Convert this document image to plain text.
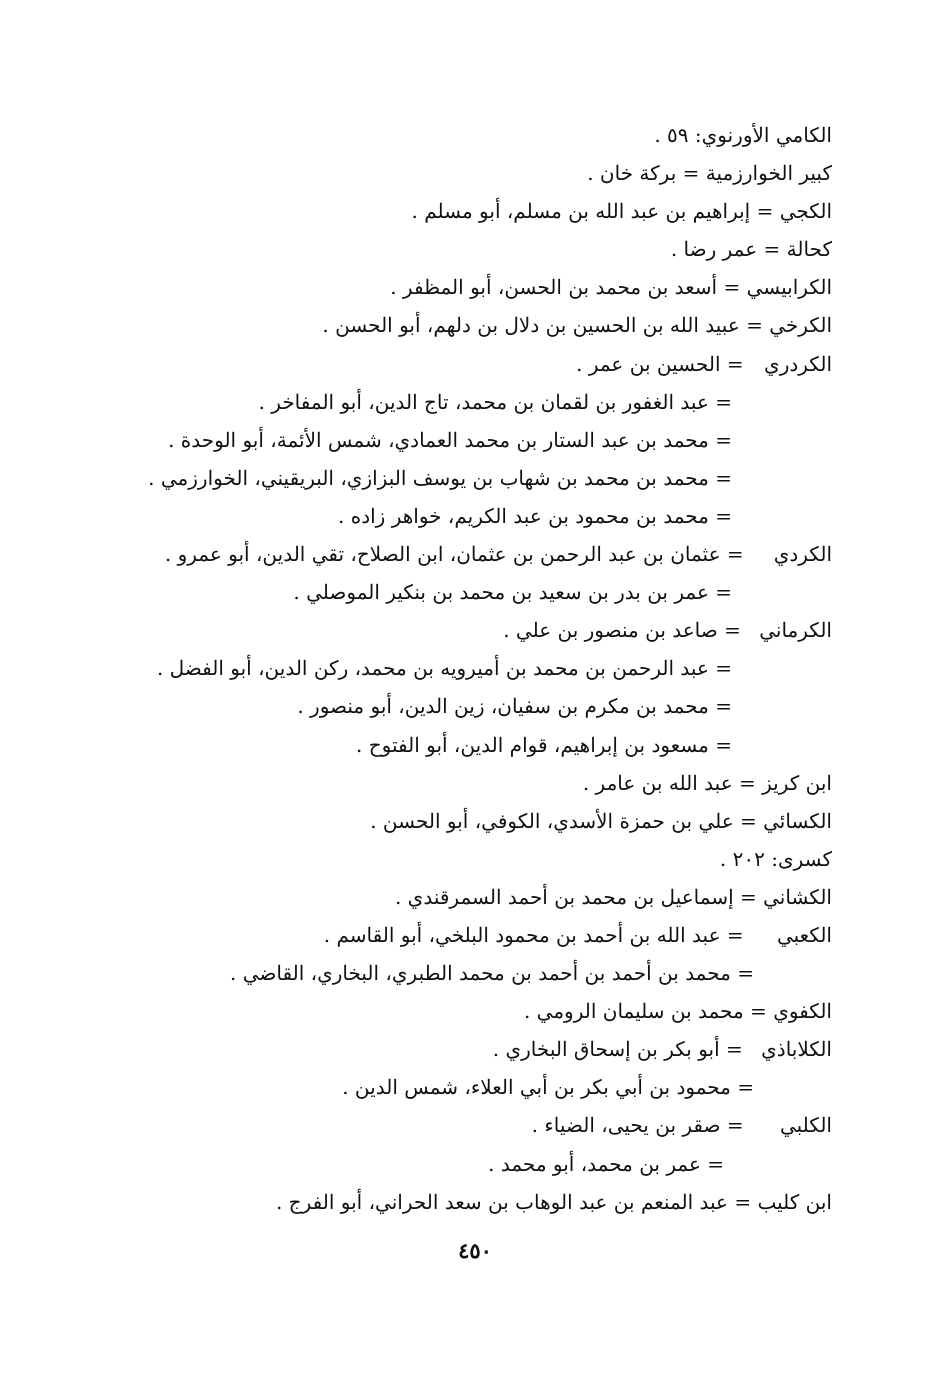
الكامي الأورنوي: ٥٩ .
كبير الخوارزمية = بركة خان .
الكجي = إبراهيم بن عبد الله بن مسلم، أبو مسلم .
كحالة = عمر رضا .
الكرابيسي = أسعد بن محمد بن الحسن، أبو المظفر .
الكرخي = عبيد الله بن الحسين بن دلال بن دلهم، أبو الحسن .
الكردري = الحسين بن عمر .
= عبد الغفور بن لقمان بن محمد، تاج الدين، أبو المفاخر .
= محمد بن عبد الستار بن محمد العمادي، شمس الأئمة، أبو الوحدة .
= محمد بن محمد بن شهاب بن يوسف البزازي، البريقيني، الخوارزمي .
= محمد بن محمود بن عبد الكريم، خواهر زاده .
الكردي = عثمان بن عبد الرحمن بن عثمان، ابن الصلاح، تقي الدين، أبو عمرو .
= عمر بن بدر بن سعيد بن محمد بن بنكير الموصلي .
الكرماني = صاعد بن منصور بن علي .
= عبد الرحمن بن محمد بن أميرويه بن محمد، ركن الدين، أبو الفضل .
= محمد بن مكرم بن سفيان، زين الدين، أبو منصور .
= مسعود بن إبراهيم، قوام الدين، أبو الفتوح .
ابن كريز = عبد الله بن عامر .
الكسائي = علي بن حمزة الأسدي، الكوفي، أبو الحسن .
كسرى: ٢٠٢ .
الكشاني = إسماعيل بن محمد بن أحمد السمرقندي .
الكعبي = عبد الله بن أحمد بن محمود البلخي، أبو القاسم .
= محمد بن أحمد بن أحمد بن محمد الطبري، البخاري، القاضي .
الكفوي = محمد بن سليمان الرومي .
الكلاباذي = أبو بكر بن إسحاق البخاري .
= محمود بن أبي بكر بن أبي العلاء، شمس الدين .
الكلبي = صقر بن يحيى، الضياء .
= عمر بن محمد، أبو محمد .
ابن كليب = عبد المنعم بن عبد الوهاب بن سعد الحراني، أبو الفرج .
٤٥٠
